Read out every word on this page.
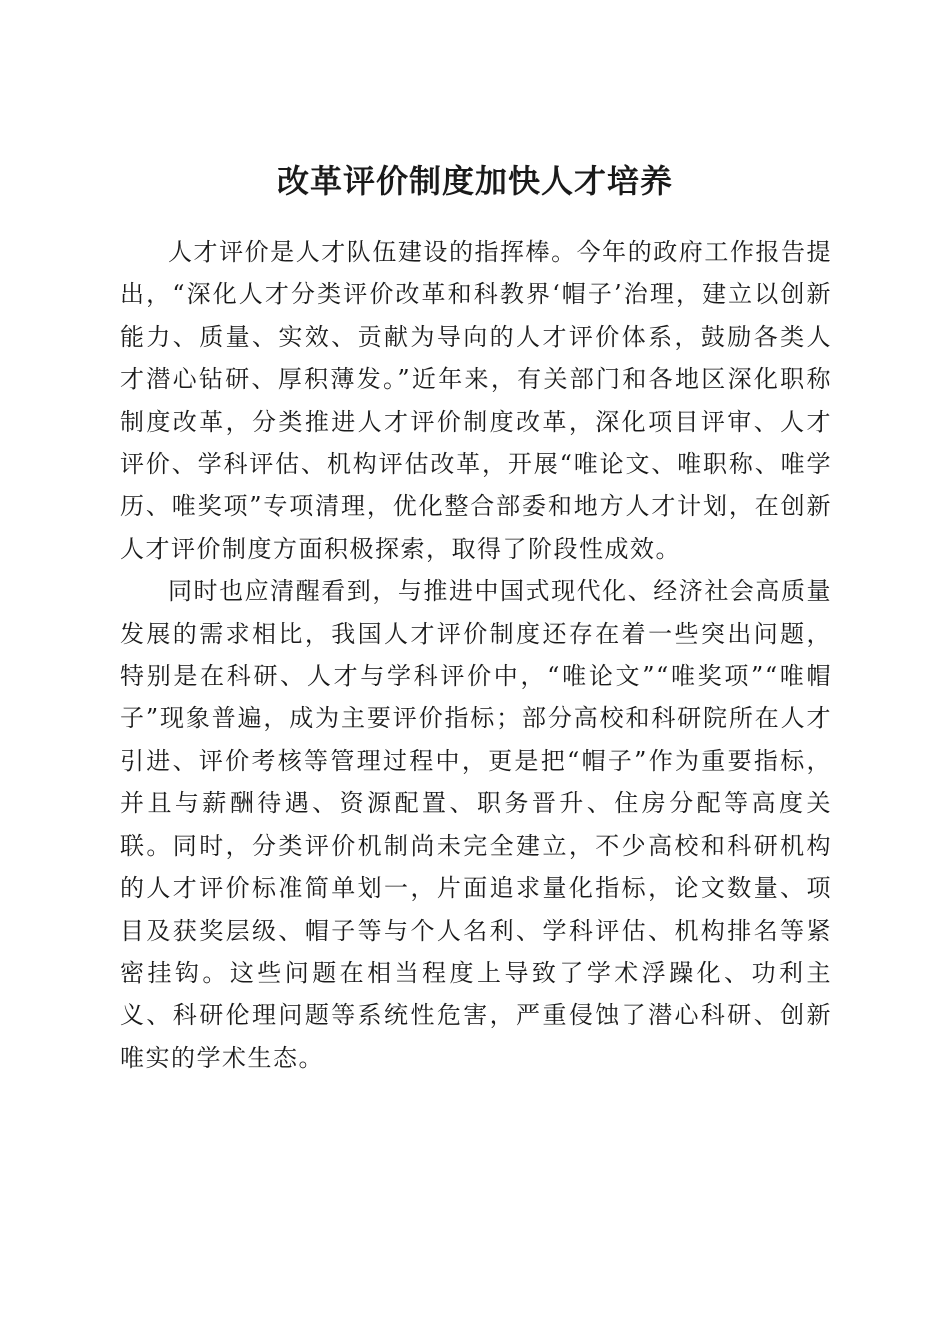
改革评价制度加快人才培养

人才评价是人才队伍建设的指挥棒。今年的政府工作报告提出，“深化人才分类评价改革和科教界‘帽子’治理，建立以创新能力、质量、实效、贡献为导向的人才评价体系，鼓励各类人才潜心钻研、厚积薄发。”近年来，有关部门和各地区深化职称制度改革，分类推进人才评价制度改革，深化项目评审、人才评价、学科评估、机构评估改革，开展“唯论文、唯职称、唯学历、唯奖项”专项清理，优化整合部委和地方人才计划，在创新人才评价制度方面积极探索，取得了阶段性成效。

同时也应清醒看到，与推进中国式现代化、经济社会高质量发展的需求相比，我国人才评价制度还存在着一些突出问题，特别是在科研、人才与学科评价中，“唯论文”“唯奖项”“唯帽子”现象普遍，成为主要评价指标；部分高校和科研院所在人才引进、评价考核等管理过程中，更是把“帽子”作为重要指标，并且与薪酬待遇、资源配置、职务晋升、住房分配等高度关联。同时，分类评价机制尚未完全建立，不少高校和科研机构的人才评价标准简单划一，片面追求量化指标，论文数量、项目及获奖层级、帽子等与个人名利、学科评估、机构排名等紧密挂钩。这些问题在相当程度上导致了学术浮躁化、功利主义、科研伦理问题等系统性危害，严重侵蚀了潜心科研、创新唯实的学术生态。
